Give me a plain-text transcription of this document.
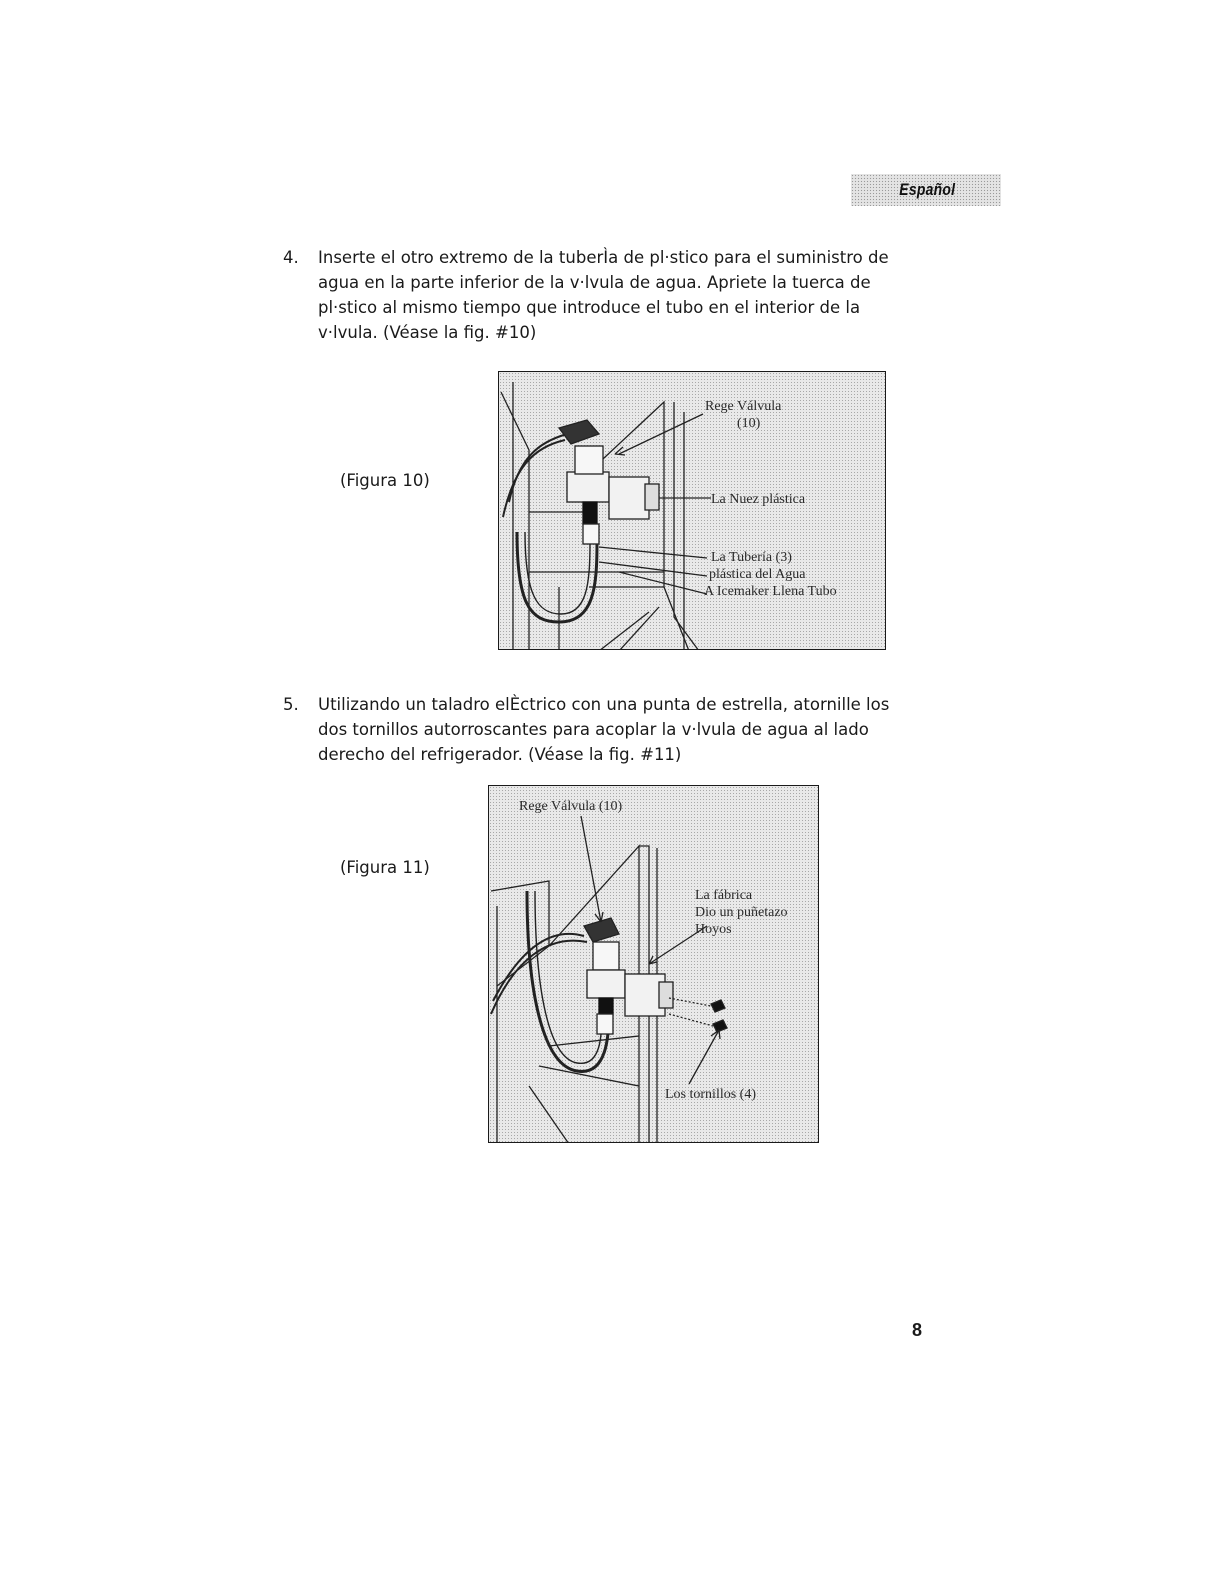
Español
4. Inserte el otro extremo de la tuberÌa de pl·stico para el suministro de agua en la parte inferior de la v·lvula de agua. Apriete la tuerca de pl·stico al mismo tiempo que introduce el tubo en el interior de la v·lvula. (Véase la fig. #10)
(Figura 10)
Rege Válvula
(10)
La Nuez plástica
La Tubería (3)
plástica del Agua
A Icemaker Llena Tubo
5. Utilizando un taladro elÈctrico con una punta de estrella, atornille los dos tornillos autorroscantes para acoplar la v·lvula de agua al lado derecho del refrigerador. (Véase la fig. #11)
(Figura 11)
Rege Válvula (10)
La fábrica
Dio un puñetazo
Hoyos
Los tornillos (4)
8
